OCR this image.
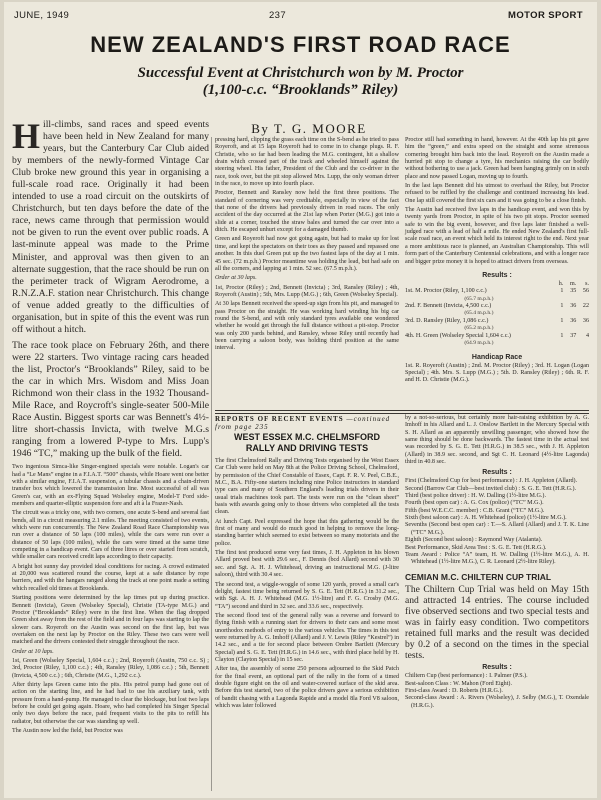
JUNE, 1949	237	MOTOR SPORT
NEW ZEALAND'S FIRST ROAD RACE
Successful Event at Christchurch won by M. Proctor
(1,100-c.c. “Brooklands” Riley)
By T. G. MOORE

Hill-climbs, sand races and speed events have been held in New Zealand for many years, but the Canterbury Car Club aided by members of the newly-formed Vintage Car Club broke new ground this year in organising a full-scale road race. Originally it had been intended to use a road circuit on the outskirts of Christchurch, but ten days before the date of the race, news came through that permission would not be given to run the event over public roads. A last-minute appeal was made to the Prime Minister, and approval was then given to an alternate suggestion, that the race should be run on the perimeter track of Wigram Aerodrome, a R.N.Z.A.F. station near Christchurch. This change of venue added greatly to the difficulties of organisation, but in spite of this the event was run off without a hitch.

The race took place on February 26th, and there were 22 starters. Two vintage racing cars headed the list, Proctor's “Brooklands” Riley, said to be the car in which Mrs. Wisdom and Miss Joan Richmond won their class in the 1932 Thousand-Mile Race, and Roycroft's single-seater 500-Mile Race Austin. Biggest sports car was Bennett's 4½-litre short-chassis Invicta, with twelve M.G.s ranging from a lowered P-type to Mrs. Lupp's 1946 “TC,” making up the bulk of the field.

Two ingenious Simca-like Singer-engined specials were notable. Logan's car had a “Le Mans” engine in a F.I.A.T. “500” chassis, while Hoare went one better with a similar engine, F.I.A.T. suspension, a tubular chassis and a chain-driven transfer box which lowered the transmission line. Most successful of all was Green's car, with an ex-Flying Squad Wolseley engine, Model-T Ford side-members and quarter-elliptic suspension fore and aft à la Frazer-Nash.

The circuit was a tricky one, with two corners, one acute S-bend and several fast bends, all in a circuit measuring 2.1 miles. The meeting consisted of two events, which were run concurrently. The New Zealand Road Race Championship was run over a distance of 50 laps (100 miles), while the cars were run over a distance of 50 laps (100 miles), while the cars were timed at the same time competing in a handicap event. Cars of three litres or over started from scratch, while smaller cars received credit laps according to their capacity.

A bright hot sunny day provided ideal conditions for racing. A crowd estimated at 20,000 was scattered round the course, kept at a safe distance by rope barriers, and with the hangars ranged along the track at one point made a setting which recalled old times at Brooklands.

Starting positions were determined by the lap times put up during practice. Bennett (Invicta), Green (Wolseley Special), Christie (TA-type M.G.) and Proctor (“Brooklands” Riley) were in the first line. When the flag dropped Green shot away from the rest of the field and in four laps was starting to lap the slower cars. Royeroft on the Austin was second on the first lap, but was overtaken on the next lap by Proctor on the Riley. These two cars were well matched and the drivers contested their struggle throughout the race.

Order at 10 laps.

1st, Green (Wolseley Special, 1,604 c.c.) ; 2nd, Royeroft (Austin, 750 c.c. S) ; 3rd, Proctor (Riley, 1,100 c.c.) ; 4th, Ransley (Riley, 1,086 c.c.) ; 5th, Bennett (Invicta, 4,500 c.c.) ; 6th, Christie (M.G., 1,292 c.c.).

After thirty laps Green came into the pits. His petrol pump had gone out of action on the starting line, and he had had to use his auxiliary tank, with pressure from a hand-pump. He managed to clear the blockage, but lost two laps before he could get going again. Hoare, who had completed his Singer Special only two days before the race, paid frequent visits to the pits to refill his radiator, but otherwise the car was standing up well.

The Austin now led the field, but Proctor was

pressing hard, clipping the grass each time on the S-bend as he tried to pass Royeroft, and at 15 laps Royeroft had to come in to change plugs. R. F. Christie, who so far had been leading the M.G. contingent, hit a shallow drain which crossed part of the track and wheeled himself against the steering wheel. His father, President of the Club and the co-driver in the race, took over, but the pit stop allowed Mrs. Lupp, the only woman driver in the race, to move up into fourth place.

Proctor, Bennett and Ransley now held the first three positions. The standard of cornering was very creditable, especially in view of the fact that none of the drivers had previously driven in road races. The only accident of the day occurred at the 21st lap when Porter (M.G.) got into a slide at a corner, touched the straw bales and turned the car over into a ditch. He escaped unhurt except for a damaged thumb.

Green and Royeroft had now got going again, but had to make up for lost time, and kept the spectators on their toes as they passed and repassed one another. In this duel Green put up the two fastest laps of the day at 1 min. 45 sec. (72 m.p.h.) Proctor meantime was holding the lead, but had safe on all the corners, and lapping at 1 min. 52 sec. (67.5 m.p.h.).

Order at 30 laps.

1st, Proctor (Riley) ; 2nd, Bennett (Invicta) ; 3rd, Ransley (Riley) ; 4th, Royeroft (Austin) ; 5th, Mrs. Lupp (M.G.) ; 6th, Green (Wolseley Special).

At 30 laps Bennett received the speed-up sign from his pit, and managed to pass Proctor on the straight. He was working hard winding his big car round the S-bend, and with only standard tyres available one wondered whether he would get through the full distance without a pit-stop. Proctor was only 200 yards behind, and Ransley, whose Riley until recently had been carrying a saloon body, was holding third position at the same interval.

Proctor still had something in hand, however. At the 40th lap his pit gave him the “green,” and extra speed on the straight and some strenuous cornering brought him back into the lead. Royeroft on the Austin made a hurried pit stop to change a tyre, his mechanics raising the car bodily without bothering to use a jack. Green had been hanging grimly on in sixth place and now passed Logan, moving up to fourth.

In the last laps Bennett did his utmost to overhaul the Riley, but Proctor refused to be ruffled by the challenge and continued increasing his lead. One lap still covered the first six cars and it was going to be a close finish.

The Austin had received five laps in the handicap event, and won this by twenty yards from Proctor, in spite of his two pit stops. Proctor seemed safe to win the big event, however, and five laps later finished a well-judged race with a lead of half a mile. He ended New Zealand's first full-scale road race, an event which held its interest right to the end. Next year a more ambitious race is planned, an Australian Championship. This will form part of the Canterbury Centennial celebrations, and with a longer race and bigger prize money it is hoped to attract drivers from overseas.

Results :
	h.	m.	s.
1st. M. Proctor (Riley, 1,100 c.c.)	1	35	56
(65.7 m.p.h.)			
2nd. F. Bennett (Invicta, 4,500 c.c.)	1	36	22
(65.4 m.p.h.)			
3rd. D. Ransley (Riley, 1,086 c.c.)	1	36	36
(65.2 m.p.h.)			
4th. H. Green (Wolseley Special 1,604 c.c.)	1	37	4
(64.9 m.p.h.)			
Handicap Race

1st. R. Royeroft (Austin) ; 2nd. M. Proctor (Riley) ; 3rd. H. Logan (Logan Special) ; 4th. Mrs. S. Lupp (M.G.) ; 5th. D. Ransley (Riley) ; 6th. R. F. and H. D. Christie (M.G.).

REPORTS OF RECENT EVENTS —continued from page 235
WEST ESSEX M.C. CHELMSFORD
RALLY AND DRIVING TESTS

The first Chelmsford Rally and Driving Tests organised by the West Essex Car Club were held on May 8th at the Police Driving School, Chelmsford, by permission of the Chief Constable of Essex, Capt. F. R. V. Peel, C.B.E., M.C., B.A. Fifty-one starters including nine Police instructors in standard type cars and many of Southern England's leading trials drivers in their usual trials machines took part. The tests were run on the “clean sheet” basis with awards going only to those drivers who completed all the tests clean.

At lunch Capt. Peel expressed the hope that this gathering would be the first of many and would do much good in helping to remove the long-standing barrier which seemed to exist between so many motorists and the police.

The first test produced some very fast times, J. H. Appleton in his blown Allard proved best with 29.6 sec., F. Dennis (bcd Allard) second with 30 sec. and Sgt. A. H. J. Whitehead, driving an instructional M.G. (J-litre saloon), third with 30.4 sec.

The second test, a wiggle-woggle of some 120 yards, proved a small car's delight, fastest time being returned by S. G. E. Tett (H.R.G.) in 31.2 sec., with Sgt. A. H. J. Whitehead (M.G. 1½-litre) and F. G. Crosby (M.G. “TA”) second and third in 32 sec. and 33.6 sec., respectively.

The second flood test of the general rally was a reverse and forward to flying finish with a running start for drivers to their cars and some most unorthodox methods of entry to the various vehicles. The times in this test were returned by A. G. Imhoff (Allard) and J. V. Lewis (Riley “Kestrel”) in 14.2 sec., and a tie for second place between Ombre Bartlett (Mercury Special) and S. G. E. Tett (H.R.G.) in 14.6 sec., with third place held by H. Clayton (Clayton Special) in 15 sec.

After tea, the assembly of some 250 persons adjourned to the Skid Patch for the final event, an optional part of the rally in the form of a timed double figure eight on the oil and water-covered surface of the skid area. Before this test started, two of the police drivers gave a serious exhibition of bandit chasing with a Lagonda Rapide and a model 8la Ford V8 saloon, which was later followed

by a not-so-serious, but certainly more hair-raising exhibition by A. G. Imhoff in his Allard and L. J. Onslow Bartlett in the Mercury Special with S. H. Allard as an apparently unwilling passenger, who showed how the same thing should be done backwards. The fastest time in the actual test was recorded by S. G. E. Tett (H.R.G.) in 38.5 sec., with J. H. Appleton (Allard) in 38.9 sec. second, and Sgt C. H. Leonard (4½-litre Lagonda) third in 40.8 sec.

Results :

First (Chelmsford Cup for best performance) : J. H. Appleton (Allard).

Second (Barrow Car Club—best invited club) : S. G. E. Tett (H.R.G.).

Third (best police driver) : H. W. Dalling (1½-litre M.G.).

Fourth (best open car) : A. G. Cox (police) (“TC” M.G.).

Fifth (best W.E.C.C. member) : C.B. Grant (“TC” M.G.).

Sixth (best saloon car) : A. H. Whitehead (police) (1½-litre M.G.).

Sevenths (Second best open car) : T.—S. Allard (Allard) and J. T. K. Line (“TC” M.G.).

Eighth (Second best saloon) : Raymond Way (Atalanta).

Best Performance, Skid Area Test : S. G. E. Tett (H.R.G.).

Team Award : Police “A” team, H. W. Dalling (1½-litre M.G.), A. H. Whitehead (1½-litre M.G.), C. R. Leonard (2½-litre Riley).

CEMIAN M.C. CHILTERN CUP TRIAL

The Chiltern Cup Trial was held on May 15th and attracted 14 entries. The course included five observed sections and two special tests and was in fairly easy condition. Two competitors retained full marks and the result was decided by 0.2 of a second on the times in the special tests.

Results :

Chiltern Cup (best performance) : I. Palmer (P.S.).

Best-saloon Class : W. Mahon (Ford Eight).

First-class Award : D. Roberts (H.R.G.).

Second-class Award : A. Rivers (Wolseley), J. Selby (M.G.), T. Oxendale (H.R.G.).
